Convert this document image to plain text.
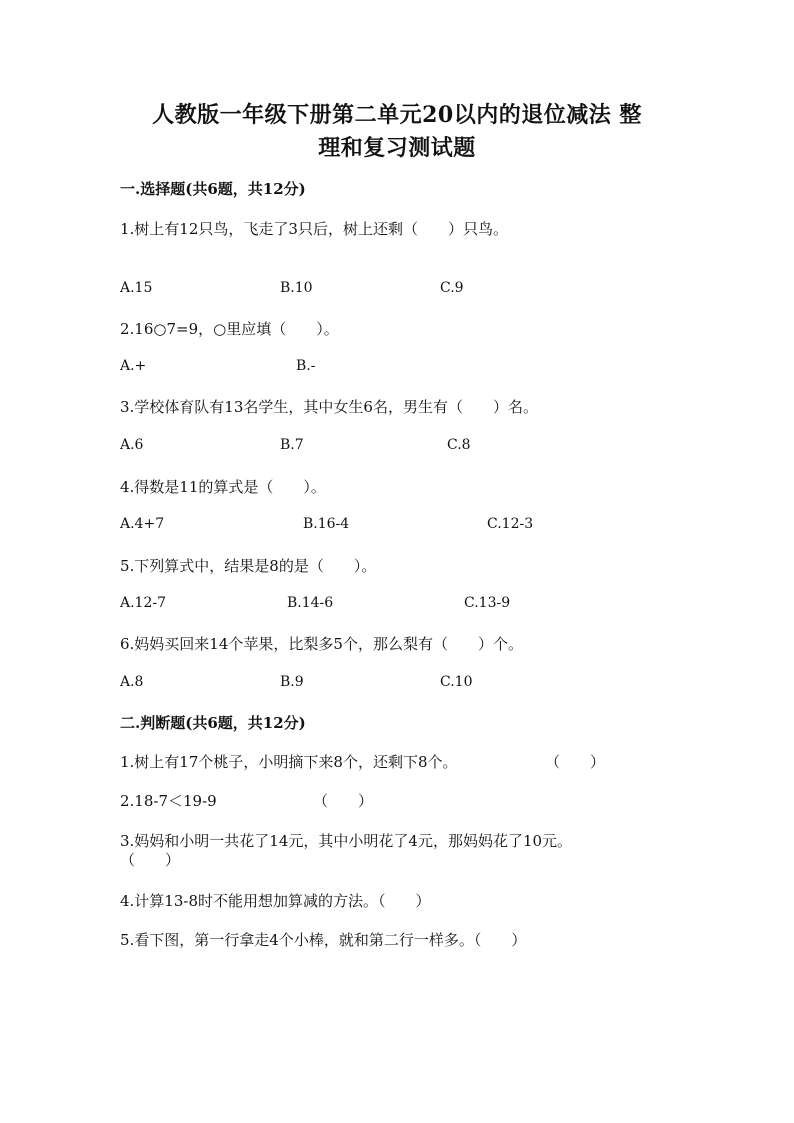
人教版一年级下册第二单元20以内的退位减法 整
理和复习测试题
一.选择题(共6题，共12分)
1.树上有12只鸟，飞走了3只后，树上还剩（　　）只鸟。
A.15	B.10	C.9
2.16○7=9，○里应填（　　）。
A.+	B.-
3.学校体育队有13名学生，其中女生6名，男生有（　　）名。
A.6	B.7	C.8
4.得数是11的算式是（　　）。
A.4+7	B.16-4	C.12-3
5.下列算式中，结果是8的是（　　）。
A.12-7	B.14-6	C.13-9
6.妈妈买回来14个苹果，比梨多5个，那么梨有（　　）个。
A.8	B.9	C.10
二.判断题(共6题，共12分)
1.树上有17个桃子，小明摘下来8个，还剩下8个。	（　　）
2.18-7＜19-9	（　　）
3.妈妈和小明一共花了14元，其中小明花了4元，那妈妈花了10元。
（　　）
4.计算13-8时不能用想加算减的方法。（　　）
5.看下图，第一行拿走4个小棒，就和第二行一样多。（　　）
